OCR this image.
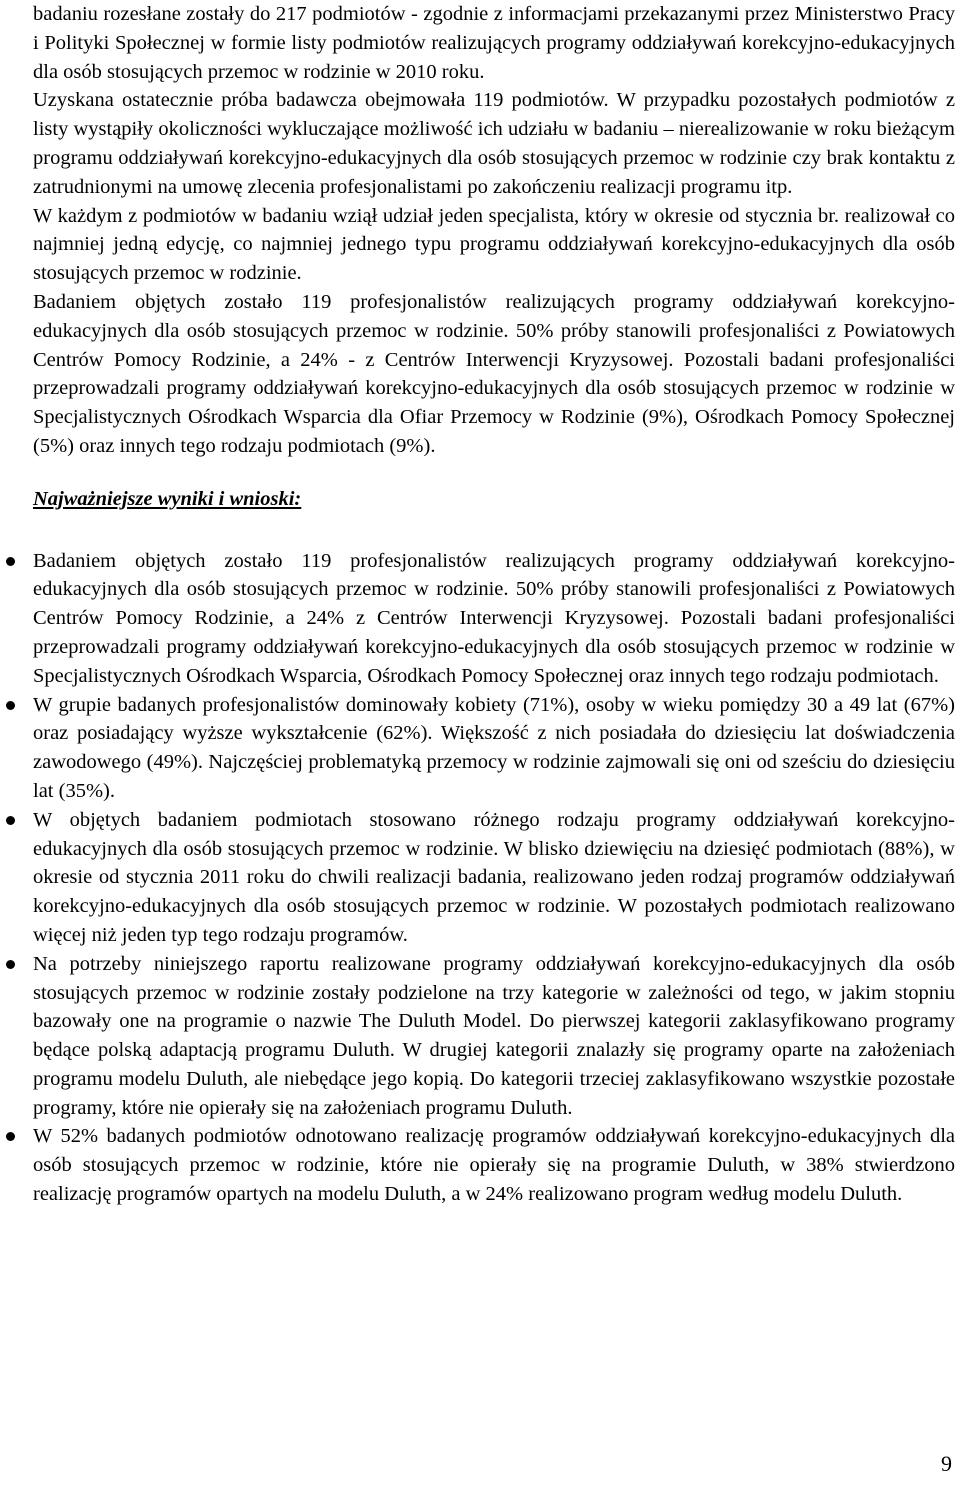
badaniu rozesłane zostały do 217 podmiotów - zgodnie z informacjami przekazanymi przez Ministerstwo Pracy i Polityki Społecznej w formie listy podmiotów realizujących programy oddziaływań korekcyjno-edukacyjnych dla osób stosujących przemoc w rodzinie w 2010 roku.

Uzyskana ostatecznie próba badawcza obejmowała 119 podmiotów. W przypadku pozostałych podmiotów z listy wystąpiły okoliczności wykluczające możliwość ich udziału w badaniu – nierealizowanie w roku bieżącym programu oddziaływań korekcyjno-edukacyjnych dla osób stosujących przemoc w rodzinie czy brak kontaktu z zatrudnionymi na umowę zlecenia profesjonalistami po zakończeniu realizacji programu itp.

W każdym z podmiotów w badaniu wziął udział jeden specjalista, który w okresie od stycznia br. realizował co najmniej jedną edycję, co najmniej jednego typu programu oddziaływań korekcyjno-edukacyjnych dla osób stosujących przemoc w rodzinie.

Badaniem objętych zostało 119 profesjonalistów realizujących programy oddziaływań korekcyjno-edukacyjnych dla osób stosujących przemoc w rodzinie. 50% próby stanowili profesjonaliści z Powiatowych Centrów Pomocy Rodzinie, a 24% - z Centrów Interwencji Kryzysowej. Pozostali badani profesjonaliści przeprowadzali programy oddziaływań korekcyjno-edukacyjnych dla osób stosujących przemoc w rodzinie w Specjalistycznych Ośrodkach Wsparcia dla Ofiar Przemocy w Rodzinie (9%), Ośrodkach Pomocy Społecznej (5%) oraz innych tego rodzaju podmiotach (9%).

Najważniejsze wyniki i wnioski:
Badaniem objętych zostało 119 profesjonalistów realizujących programy oddziaływań korekcyjno-edukacyjnych dla osób stosujących przemoc w rodzinie. 50% próby stanowili profesjonaliści z Powiatowych Centrów Pomocy Rodzinie, a 24% z Centrów Interwencji Kryzysowej. Pozostali badani profesjonaliści przeprowadzali programy oddziaływań korekcyjno-edukacyjnych dla osób stosujących przemoc w rodzinie w Specjalistycznych Ośrodkach Wsparcia, Ośrodkach Pomocy Społecznej oraz innych tego rodzaju podmiotach.
W grupie badanych profesjonalistów dominowały kobiety (71%), osoby w wieku pomiędzy 30 a 49 lat (67%) oraz posiadający wyższe wykształcenie (62%). Większość z nich posiadała do dziesięciu lat doświadczenia zawodowego (49%). Najczęściej problematyką przemocy w rodzinie zajmowali się oni od sześciu do dziesięciu lat (35%).
W objętych badaniem podmiotach stosowano różnego rodzaju programy oddziaływań korekcyjno-edukacyjnych dla osób stosujących przemoc w rodzinie. W blisko dziewięciu na dziesięć podmiotach (88%), w okresie od stycznia 2011 roku do chwili realizacji badania, realizowano jeden rodzaj programów oddziaływań korekcyjno-edukacyjnych dla osób stosujących przemoc w rodzinie. W pozostałych podmiotach realizowano więcej niż jeden typ tego rodzaju programów.
Na potrzeby niniejszego raportu realizowane programy oddziaływań korekcyjno-edukacyjnych dla osób stosujących przemoc w rodzinie zostały podzielone na trzy kategorie w zależności od tego, w jakim stopniu bazowały one na programie o nazwie The Duluth Model. Do pierwszej kategorii zaklasyfikowano programy będące polską adaptacją programu Duluth. W drugiej kategorii znalazły się programy oparte na założeniach programu modelu Duluth, ale niebędące jego kopią. Do kategorii trzeciej zaklasyfikowano wszystkie pozostałe programy, które nie opierały się na założeniach programu Duluth.
W 52% badanych podmiotów odnotowano realizację programów oddziaływań korekcyjno-edukacyjnych dla osób stosujących przemoc w rodzinie, które nie opierały się na programie Duluth, w 38% stwierdzono realizację programów opartych na modelu Duluth, a w 24% realizowano program według modelu Duluth.
9
